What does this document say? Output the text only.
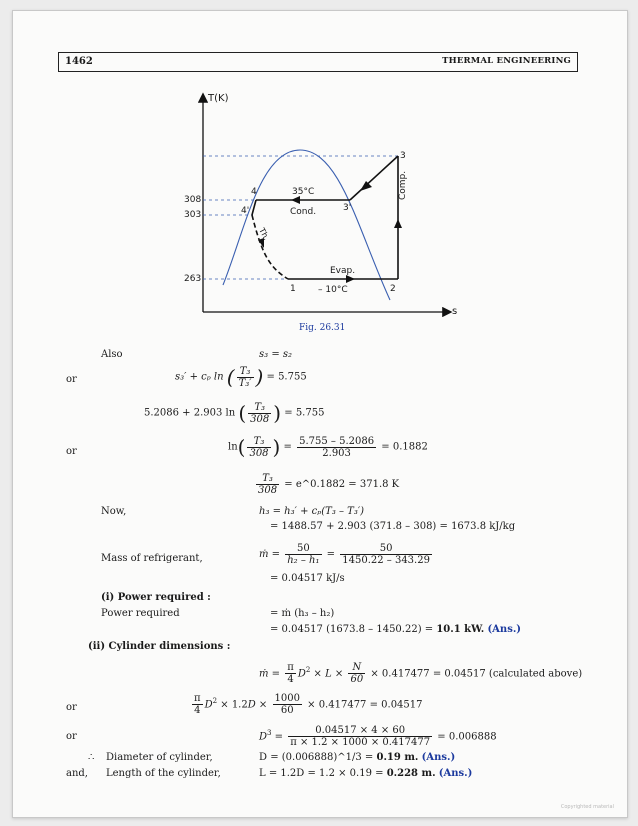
1462	THERMAL ENGINEERING
T(K)
s
308
303
263
4
4'	3'
3
1	2
35°C
Cond.
Comp.
Th.
Evap.
– 10°C
Fig. 26.31
Also	s₃ = s₂
or	s₃′ + cₚ ln ( $\frac{\text{T₃}}{\text{T₃′}}$ ) = 5.755
5.2086 + 2.903 ln ( $\frac{\text{T₃}}{308}$ ) = 5.755
or	$\ln( \frac{\text{T₃}}{308}$ ) = $\frac{5.755 - 5.2086}{2.903} = 0.1882$
$\frac{\text{T₃}}{308}$ = e^0.1882 = 371.8 K
Now,	h₃ = h₃′ + cₚ(T₃ – T₃′)
= 1488.57 + 2.903 (371.8 – 308) = 1673.8 kJ/kg
Mass of refrigerant,	ṁ = $\frac{50}{\text{h₂ – h₁}} = \frac{50}{1450.22 - 343.29}$
= 0.04517 kJ/s
(i) Power required :
Power required	= ṁ (h₃ – h₂)
= 0.04517 (1673.8 – 1450.22) = 10.1 kW. (Ans.)
(ii) Cylinder dimensions :
ṁ = $\frac{\pi}{4} D^2 \times L \times \frac{N}{60} \times 0.417477 = 0.04517$ (calculated above)
or	$\frac{\pi}{4} D^2 \times 1.2D \times \frac{1000}{60} \times 0.417477 = 0.04517$
or	$D^3 = \frac{0.04517 \times 4 \times 60}{\pi \times 1.2 \times 1000 \times 0.417477} = 0.006888$
∴ Diameter of cylinder,	D = (0.006888)^1/3 = 0.19 m. (Ans.)
and, Length of the cylinder,	L = 1.2D = 1.2 × 0.19 = 0.228 m. (Ans.)
Copyrighted material
